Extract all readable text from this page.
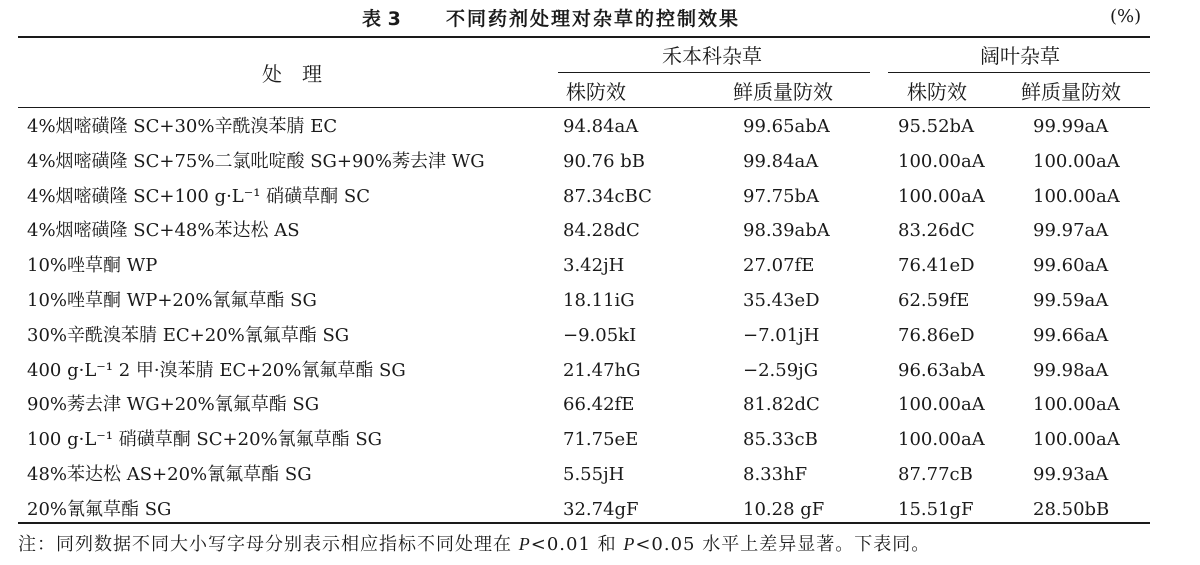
表 3 不同药剂处理对杂草的控制效果	(%)
处　理
禾本科杂草	阔叶杂草
株防效	鲜质量防效	株防效	鲜质量防效
4%烟嘧磺隆 SC+30%辛酰溴苯腈 EC	94.84aA	99.65abA	95.52bA	99.99aA
4%烟嘧磺隆 SC+75%二氯吡啶酸 SG+90%莠去津 WG	90.76 bB	99.84aA	100.00aA	100.00aA
4%烟嘧磺隆 SC+100 g·L⁻¹ 硝磺草酮 SC	87.34cBC	97.75bA	100.00aA	100.00aA
4%烟嘧磺隆 SC+48%苯达松 AS	84.28dC	98.39abA	83.26dC	99.97aA
10%唑草酮 WP	3.42jH	27.07fE	76.41eD	99.60aA
10%唑草酮 WP+20%氰氟草酯 SG	18.11iG	35.43eD	62.59fE	99.59aA
30%辛酰溴苯腈 EC+20%氰氟草酯 SG	−9.05kI	−7.01jH	76.86eD	99.66aA
400 g·L⁻¹ 2 甲·溴苯腈 EC+20%氰氟草酯 SG	21.47hG	−2.59jG	96.63abA	99.98aA
90%莠去津 WG+20%氰氟草酯 SG	66.42fE	81.82dC	100.00aA	100.00aA
100 g·L⁻¹ 硝磺草酮 SC+20%氰氟草酯 SG	71.75eE	85.33cB	100.00aA	100.00aA
48%苯达松 AS+20%氰氟草酯 SG	5.55jH	8.33hF	87.77cB	99.93aA
20%氰氟草酯 SG	32.74gF	10.28 gF	15.51gF	28.50bB
注：同列数据不同大小写字母分别表示相应指标不同处理在 P<0.01 和 P<0.05 水平上差异显著。下表同。
